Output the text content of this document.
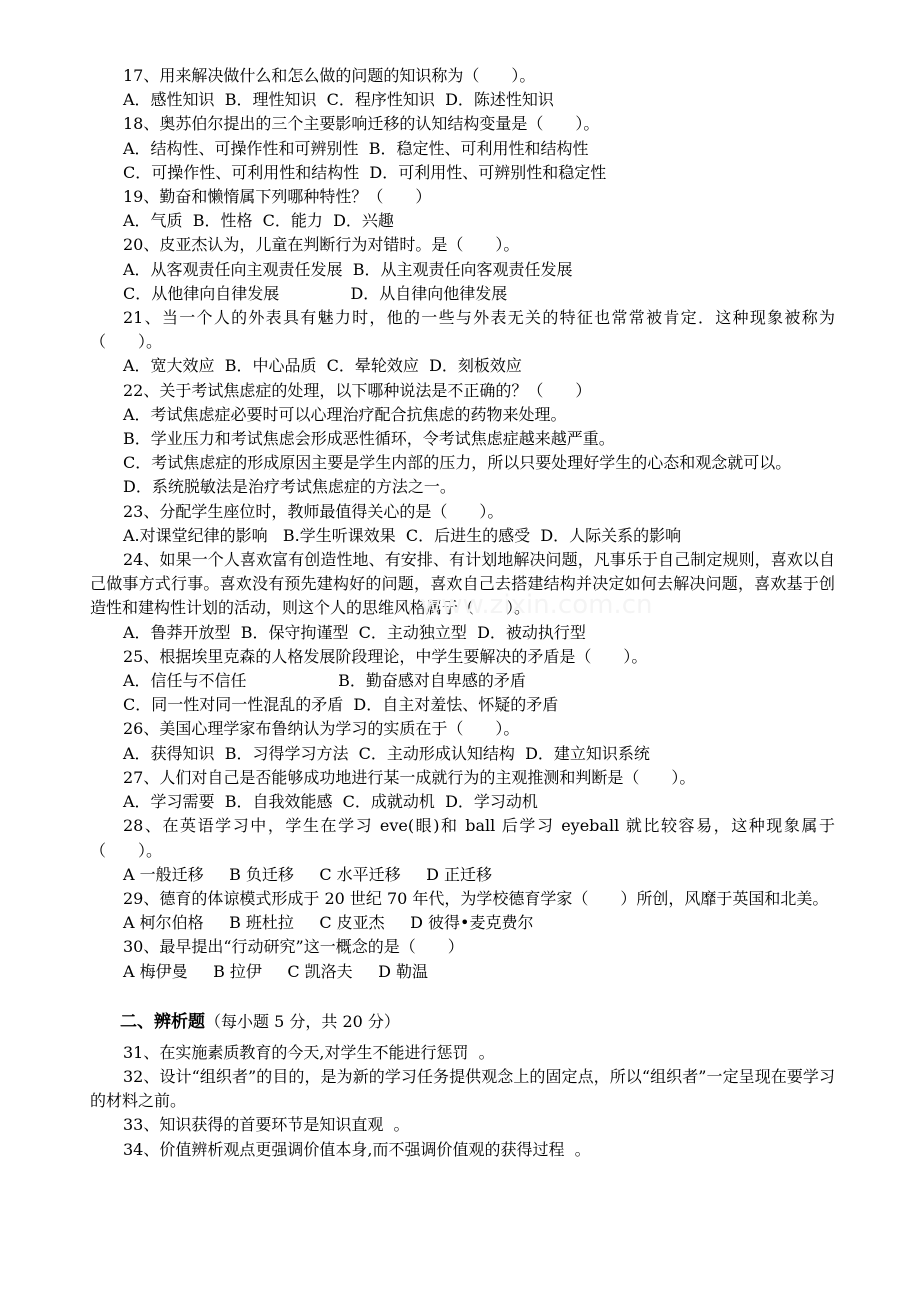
17、用来解决做什么和怎么做的问题的知识称为（　　）。
A．感性知识  B．理性知识  C．程序性知识  D．陈述性知识
18、奥苏伯尔提出的三个主要影响迁移的认知结构变量是（　　）。
A．结构性、可操作性和可辨别性  B．稳定性、可利用性和结构性
C．可操作性、可利用性和结构性  D．可利用性、可辨别性和稳定性
19、勤奋和懒惰属下列哪种特性？（　　）
A．气质  B．性格  C．能力  D．兴趣
20、皮亚杰认为，儿童在判断行为对错时。是（　　）。
A．从客观责任向主观责任发展  B．从主观责任向客观责任发展
C．从他律向自律发展              D．从自律向他律发展
21、当一个人的外表具有魅力时，他的一些与外表无关的特征也常常被肯定．这种现象被称为（　　）。
A．宽大效应  B．中心品质  C．晕轮效应  D．刻板效应
22、关于考试焦虑症的处理，以下哪种说法是不正确的？（　　）
A．考试焦虑症必要时可以心理治疗配合抗焦虑的药物来处理。
B．学业压力和考试焦虑会形成恶性循环，令考试焦虑症越来越严重。
C．考试焦虑症的形成原因主要是学生内部的压力，所以只要处理好学生的心态和观念就可以。
D．系统脱敏法是治疗考试焦虑症的方法之一。
23、分配学生座位时，教师最值得关心的是（　　）。
A.对课堂纪律的影响   B.学生听课效果  C．后进生的感受  D．人际关系的影响
24、如果一个人喜欢富有创造性地、有安排、有计划地解决问题，凡事乐于自己制定规则，喜欢以自己做事方式行事。喜欢没有预先建构好的问题，喜欢自己去搭建结构并决定如何去解决问题，喜欢基于创造性和建构性计划的活动，则这个人的思维风格属于（　　）。
A．鲁莽开放型  B．保守拘谨型  C．主动独立型  D．被动执行型
25、根据埃里克森的人格发展阶段理论，中学生要解决的矛盾是（　　）。
A．信任与不信任                  B．勤奋感对自卑感的矛盾
C．同一性对同一性混乱的矛盾  D．自主对羞怯、怀疑的矛盾
26、美国心理学家布鲁纳认为学习的实质在于（　　）。
A．获得知识  B．习得学习方法  C．主动形成认知结构  D．建立知识系统
27、人们对自己是否能够成功地进行某一成就行为的主观推测和判断是（　　）。
A．学习需要  B．自我效能感  C．成就动机  D．学习动机
28、在英语学习中，学生在学习 eve(眼)和 ball 后学习 eyeball 就比较容易，这种现象属于（　　）。
A 一般迁移     B 负迁移     C 水平迁移     D 正迁移
29、德育的体谅模式形成于 20 世纪 70 年代，为学校德育学家（　　）所创，风靡于英国和北美。
A 柯尔伯格     B 班杜拉     C 皮亚杰     D 彼得•麦克费尔
30、最早提出“行动研究”这一概念的是（　　）
A 梅伊曼     B 拉伊     C 凯洛夫     D 勒温
二、辨析题（每小题 5 分，共 20 分）
31、在实施素质教育的今天,对学生不能进行惩罚  。
32、设计“组织者”的目的，是为新的学习任务提供观念上的固定点，所以“组织者”一定呈现在要学习的材料之前。
33、知识获得的首要环节是知识直观  。
34、价值辨析观点更强调价值本身,而不强调价值观的获得过程  。
www.zixin.com.cn
